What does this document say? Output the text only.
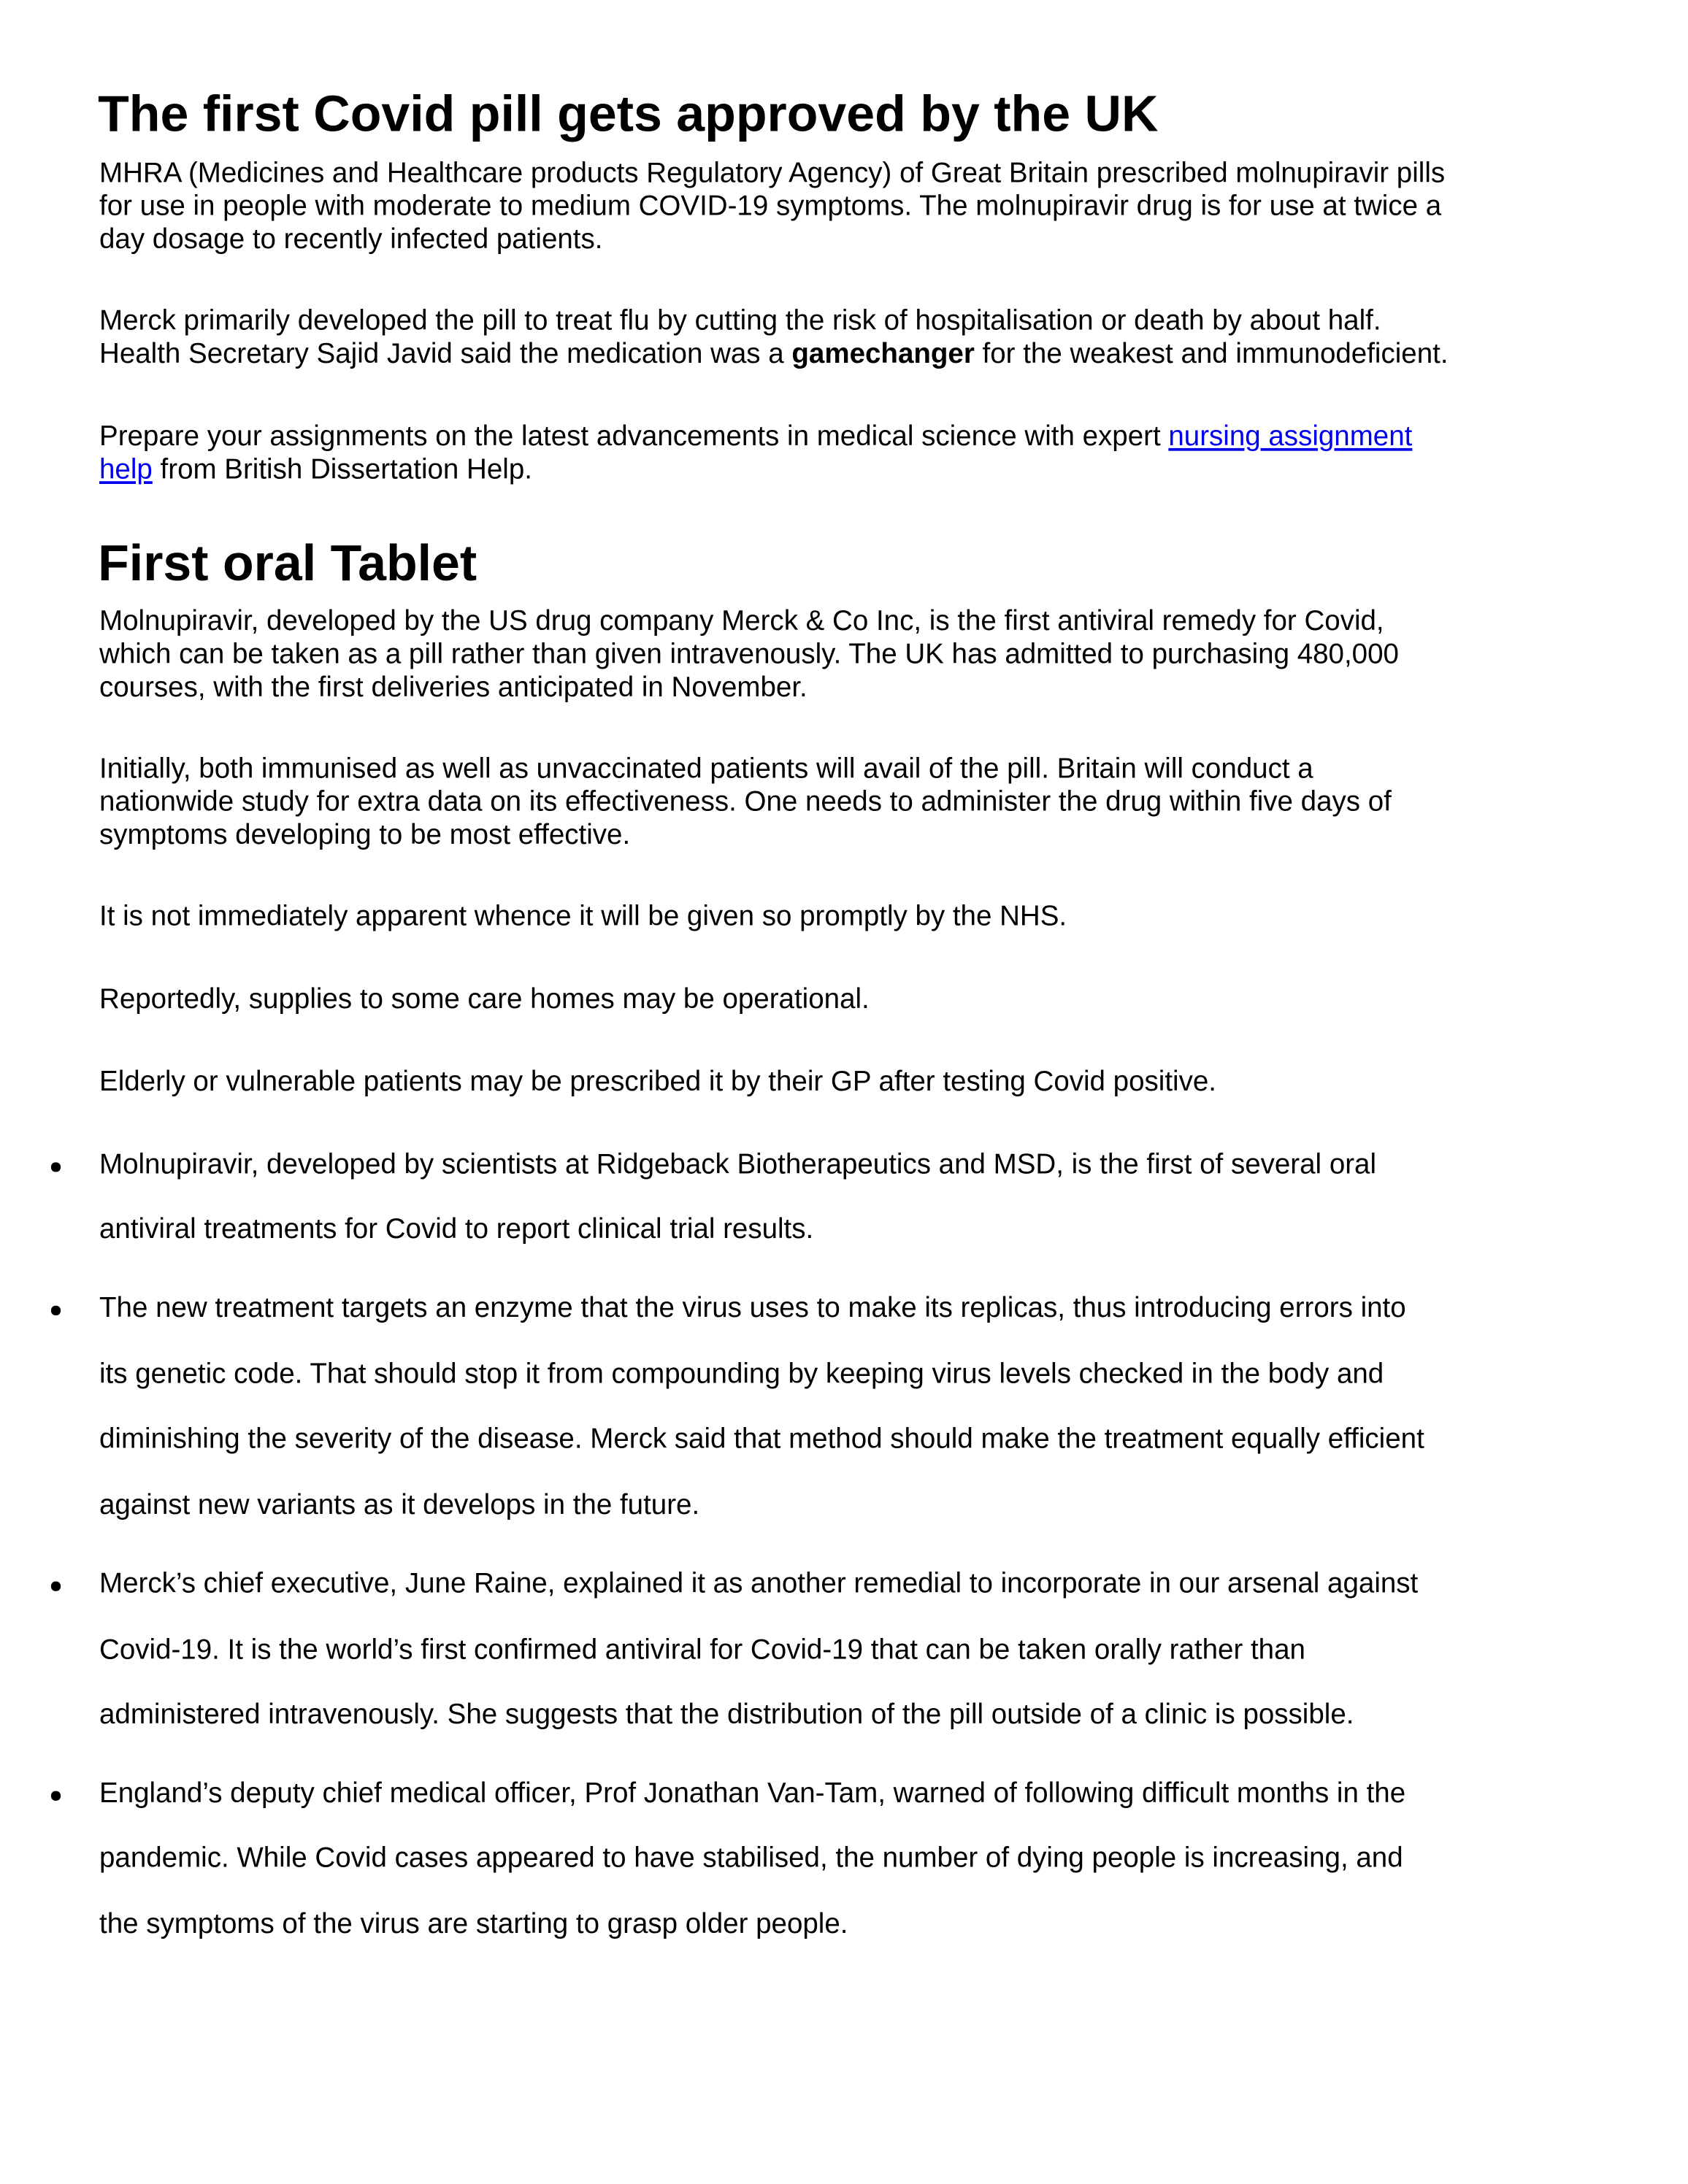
The first Covid pill gets approved by the UK
MHRA (Medicines and Healthcare products Regulatory Agency) of Great Britain prescribed molnupiravir pills
for use in people with moderate to medium COVID-19 symptoms. The molnupiravir drug is for use at twice a
day dosage to recently infected patients.
Merck primarily developed the pill to treat flu by cutting the risk of hospitalisation or death by about half.
Health Secretary Sajid Javid said the medication was a gamechanger for the weakest and immunodeficient.
Prepare your assignments on the latest advancements in medical science with expert nursing assignment
help from British Dissertation Help.
First oral Tablet
Molnupiravir, developed by the US drug company Merck & Co Inc, is the first antiviral remedy for Covid,
which can be taken as a pill rather than given intravenously. The UK has admitted to purchasing 480,000
courses, with the first deliveries anticipated in November.
Initially, both immunised as well as unvaccinated patients will avail of the pill. Britain will conduct a
nationwide study for extra data on its effectiveness. One needs to administer the drug within five days of
symptoms developing to be most effective.
It is not immediately apparent whence it will be given so promptly by the NHS.
Reportedly, supplies to some care homes may be operational.
Elderly or vulnerable patients may be prescribed it by their GP after testing Covid positive.
Molnupiravir, developed by scientists at Ridgeback Biotherapeutics and MSD, is the first of several oral
antiviral treatments for Covid to report clinical trial results.
The new treatment targets an enzyme that the virus uses to make its replicas, thus introducing errors into
its genetic code. That should stop it from compounding by keeping virus levels checked in the body and
diminishing the severity of the disease. Merck said that method should make the treatment equally efficient
against new variants as it develops in the future.
Merck’s chief executive, June Raine, explained it as another remedial to incorporate in our arsenal against
Covid-19. It is the world’s first confirmed antiviral for Covid-19 that can be taken orally rather than
administered intravenously. She suggests that the distribution of the pill outside of a clinic is possible.
England’s deputy chief medical officer, Prof Jonathan Van-Tam, warned of following difficult months in the
pandemic. While Covid cases appeared to have stabilised, the number of dying people is increasing, and
the symptoms of the virus are starting to grasp older people.
